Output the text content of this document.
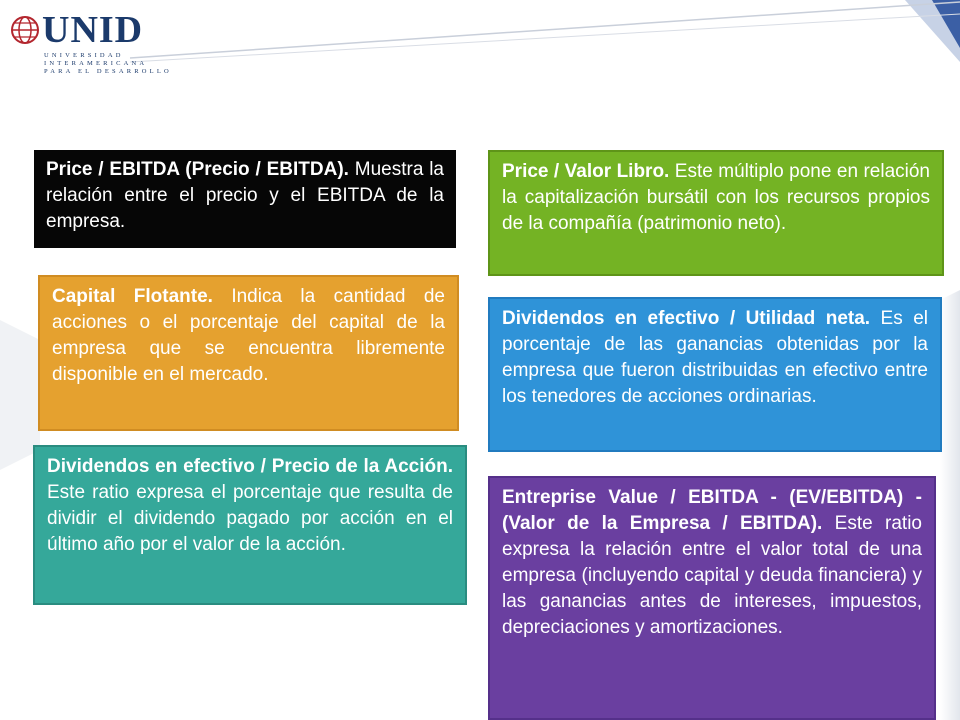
UNID
UNIVERSIDAD
INTERAMERICANA
PARA EL DESARROLLO
Price / EBITDA (Precio / EBITDA). Muestra la relación entre el precio y el EBITDA de la empresa.
Price / Valor Libro. Este múltiplo pone en relación la capitalización bursátil con los recursos propios de la compañía (patrimonio neto).
Capital Flotante. Indica la cantidad de acciones o el porcentaje del capital de la empresa que se encuentra libremente disponible en el mercado.
Dividendos en efectivo / Utilidad neta. Es el porcentaje de las ganancias obtenidas por la empresa que fueron distribuidas en efectivo entre los tenedores de acciones ordinarias.
Dividendos en efectivo / Precio de la Acción. Este ratio expresa el porcentaje que resulta de dividir el dividendo pagado por acción en el último año por el valor de la acción.
Entreprise Value / EBITDA - (EV/EBITDA) - (Valor de la Empresa / EBITDA). Este ratio expresa la relación entre el valor total de una empresa (incluyendo capital y deuda financiera) y las ganancias antes de intereses, impuestos, depreciaciones y amortizaciones.
